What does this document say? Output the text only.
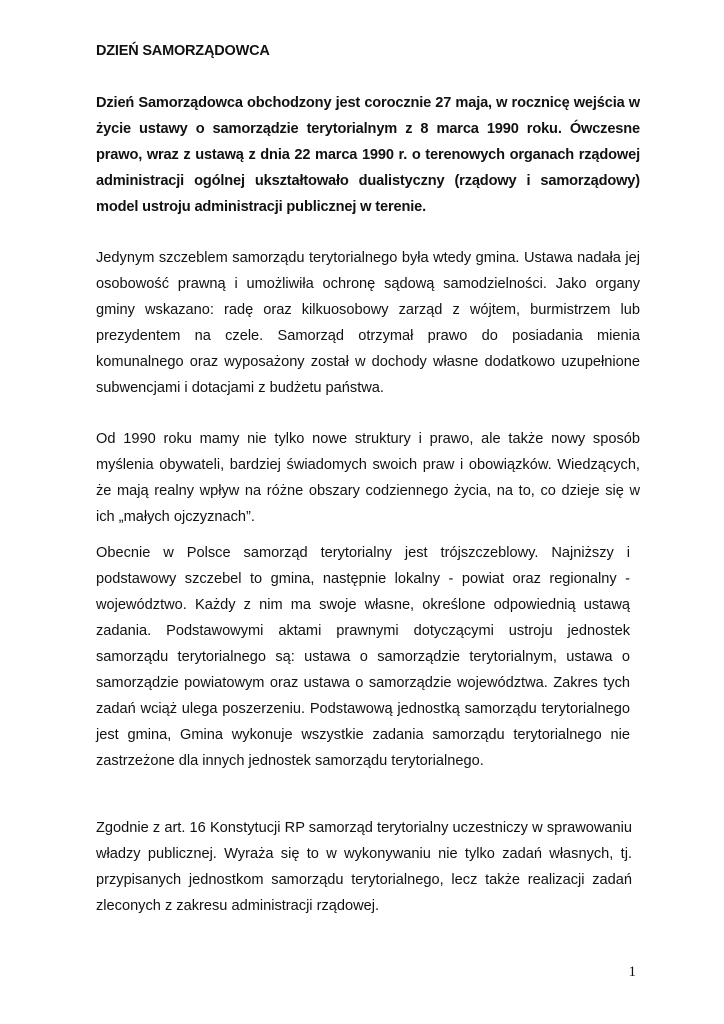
DZIEŃ SAMORZĄDOWCA

Dzień Samorządowca obchodzony jest corocznie 27 maja, w rocznicę wejścia w życie ustawy o samorządzie terytorialnym z 8 marca 1990 roku. Ówczesne prawo, wraz z ustawą z dnia 22 marca 1990 r. o terenowych organach rządowej administracji ogólnej ukształtowało dualistyczny (rządowy i samorządowy) model ustroju administracji publicznej w terenie.

Jedynym szczeblem samorządu terytorialnego była wtedy gmina. Ustawa nadała jej osobowość prawną i umożliwiła ochronę sądową samodzielności. Jako organy gminy wskazano: radę oraz kilkuosobowy zarząd z wójtem, burmistrzem lub prezydentem na czele. Samorząd otrzymał prawo do posiadania mienia komunalnego oraz wyposażony został w dochody własne dodatkowo uzupełnione subwencjami i dotacjami z budżetu państwa.

Od 1990 roku mamy nie tylko nowe struktury i prawo, ale także nowy sposób myślenia obywateli, bardziej świadomych swoich praw i obowiązków. Wiedzących, że mają realny wpływ na różne obszary codziennego życia, na to, co dzieje się w ich „małych ojczyznach”.

Obecnie w Polsce samorząd terytorialny jest trójszczeblowy. Najniższy i podstawowy szczebel to gmina, następnie lokalny - powiat oraz regionalny - województwo. Każdy z nim ma swoje własne, określone odpowiednią ustawą zadania. Podstawowymi aktami prawnymi dotyczącymi ustroju jednostek samorządu terytorialnego są: ustawa o samorządzie terytorialnym, ustawa o samorządzie powiatowym oraz ustawa o samorządzie województwa. Zakres tych zadań wciąż ulega poszerzeniu. Podstawową jednostką samorządu terytorialnego jest gmina, Gmina wykonuje wszystkie zadania samorządu terytorialnego nie zastrzeżone dla innych jednostek samorządu terytorialnego.

Zgodnie z art. 16 Konstytucji RP samorząd terytorialny uczestniczy w sprawowaniu władzy publicznej. Wyraża się to w wykonywaniu nie tylko zadań własnych, tj. przypisanych jednostkom samorządu terytorialnego, lecz także realizacji zadań zleconych z zakresu administracji rządowej.

1
